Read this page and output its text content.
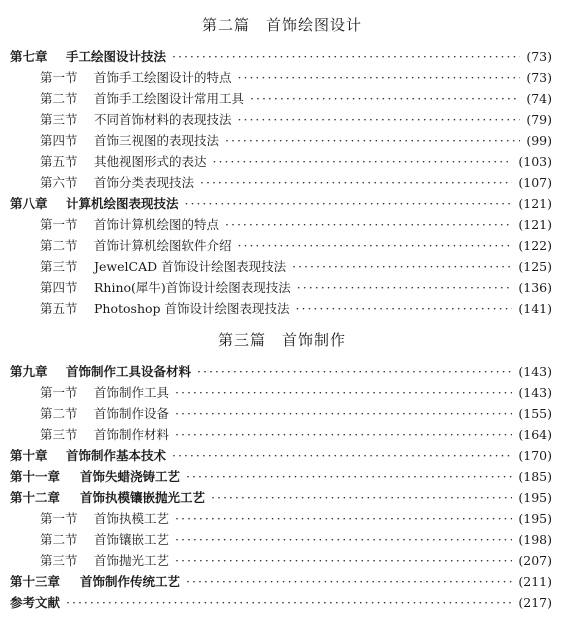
第二篇　首饰绘图设计
第七章	手工绘图设计技法 ·····	(73)
第一节	首饰手工绘图设计的特点 ·····	(73)
第二节	首饰手工绘图设计常用工具 ·····	(74)
第三节	不同首饰材料的表现技法 ·····	(79)
第四节	首饰三视图的表现技法 ·····	(99)
第五节	其他视图形式的表达 ·····	(103)
第六节	首饰分类表现技法 ·····	(107)
第八章	计算机绘图表现技法 ·····	(121)
第一节	首饰计算机绘图的特点 ·····	(121)
第二节	首饰计算机绘图软件介绍 ·····	(122)
第三节	JewelCAD 首饰设计绘图表现技法 ·····	(125)
第四节	Rhino(犀牛)首饰设计绘图表现技法 ·····	(136)
第五节	Photoshop 首饰设计绘图表现技法 ·····	(141)
第三篇　首饰制作
第九章	首饰制作工具设备材料 ·····	(143)
第一节	首饰制作工具 ·····	(143)
第二节	首饰制作设备 ·····	(155)
第三节	首饰制作材料 ·····	(164)
第十章	首饰制作基本技术 ·····	(170)
第十一章	首饰失蜡浇铸工艺 ·····	(185)
第十二章	首饰执模镶嵌抛光工艺 ·····	(195)
第一节	首饰执模工艺 ·····	(195)
第二节	首饰镶嵌工艺 ·····	(198)
第三节	首饰抛光工艺 ·····	(207)
第十三章	首饰制作传统工艺 ·····	(211)
参考文献 ·····	(217)
